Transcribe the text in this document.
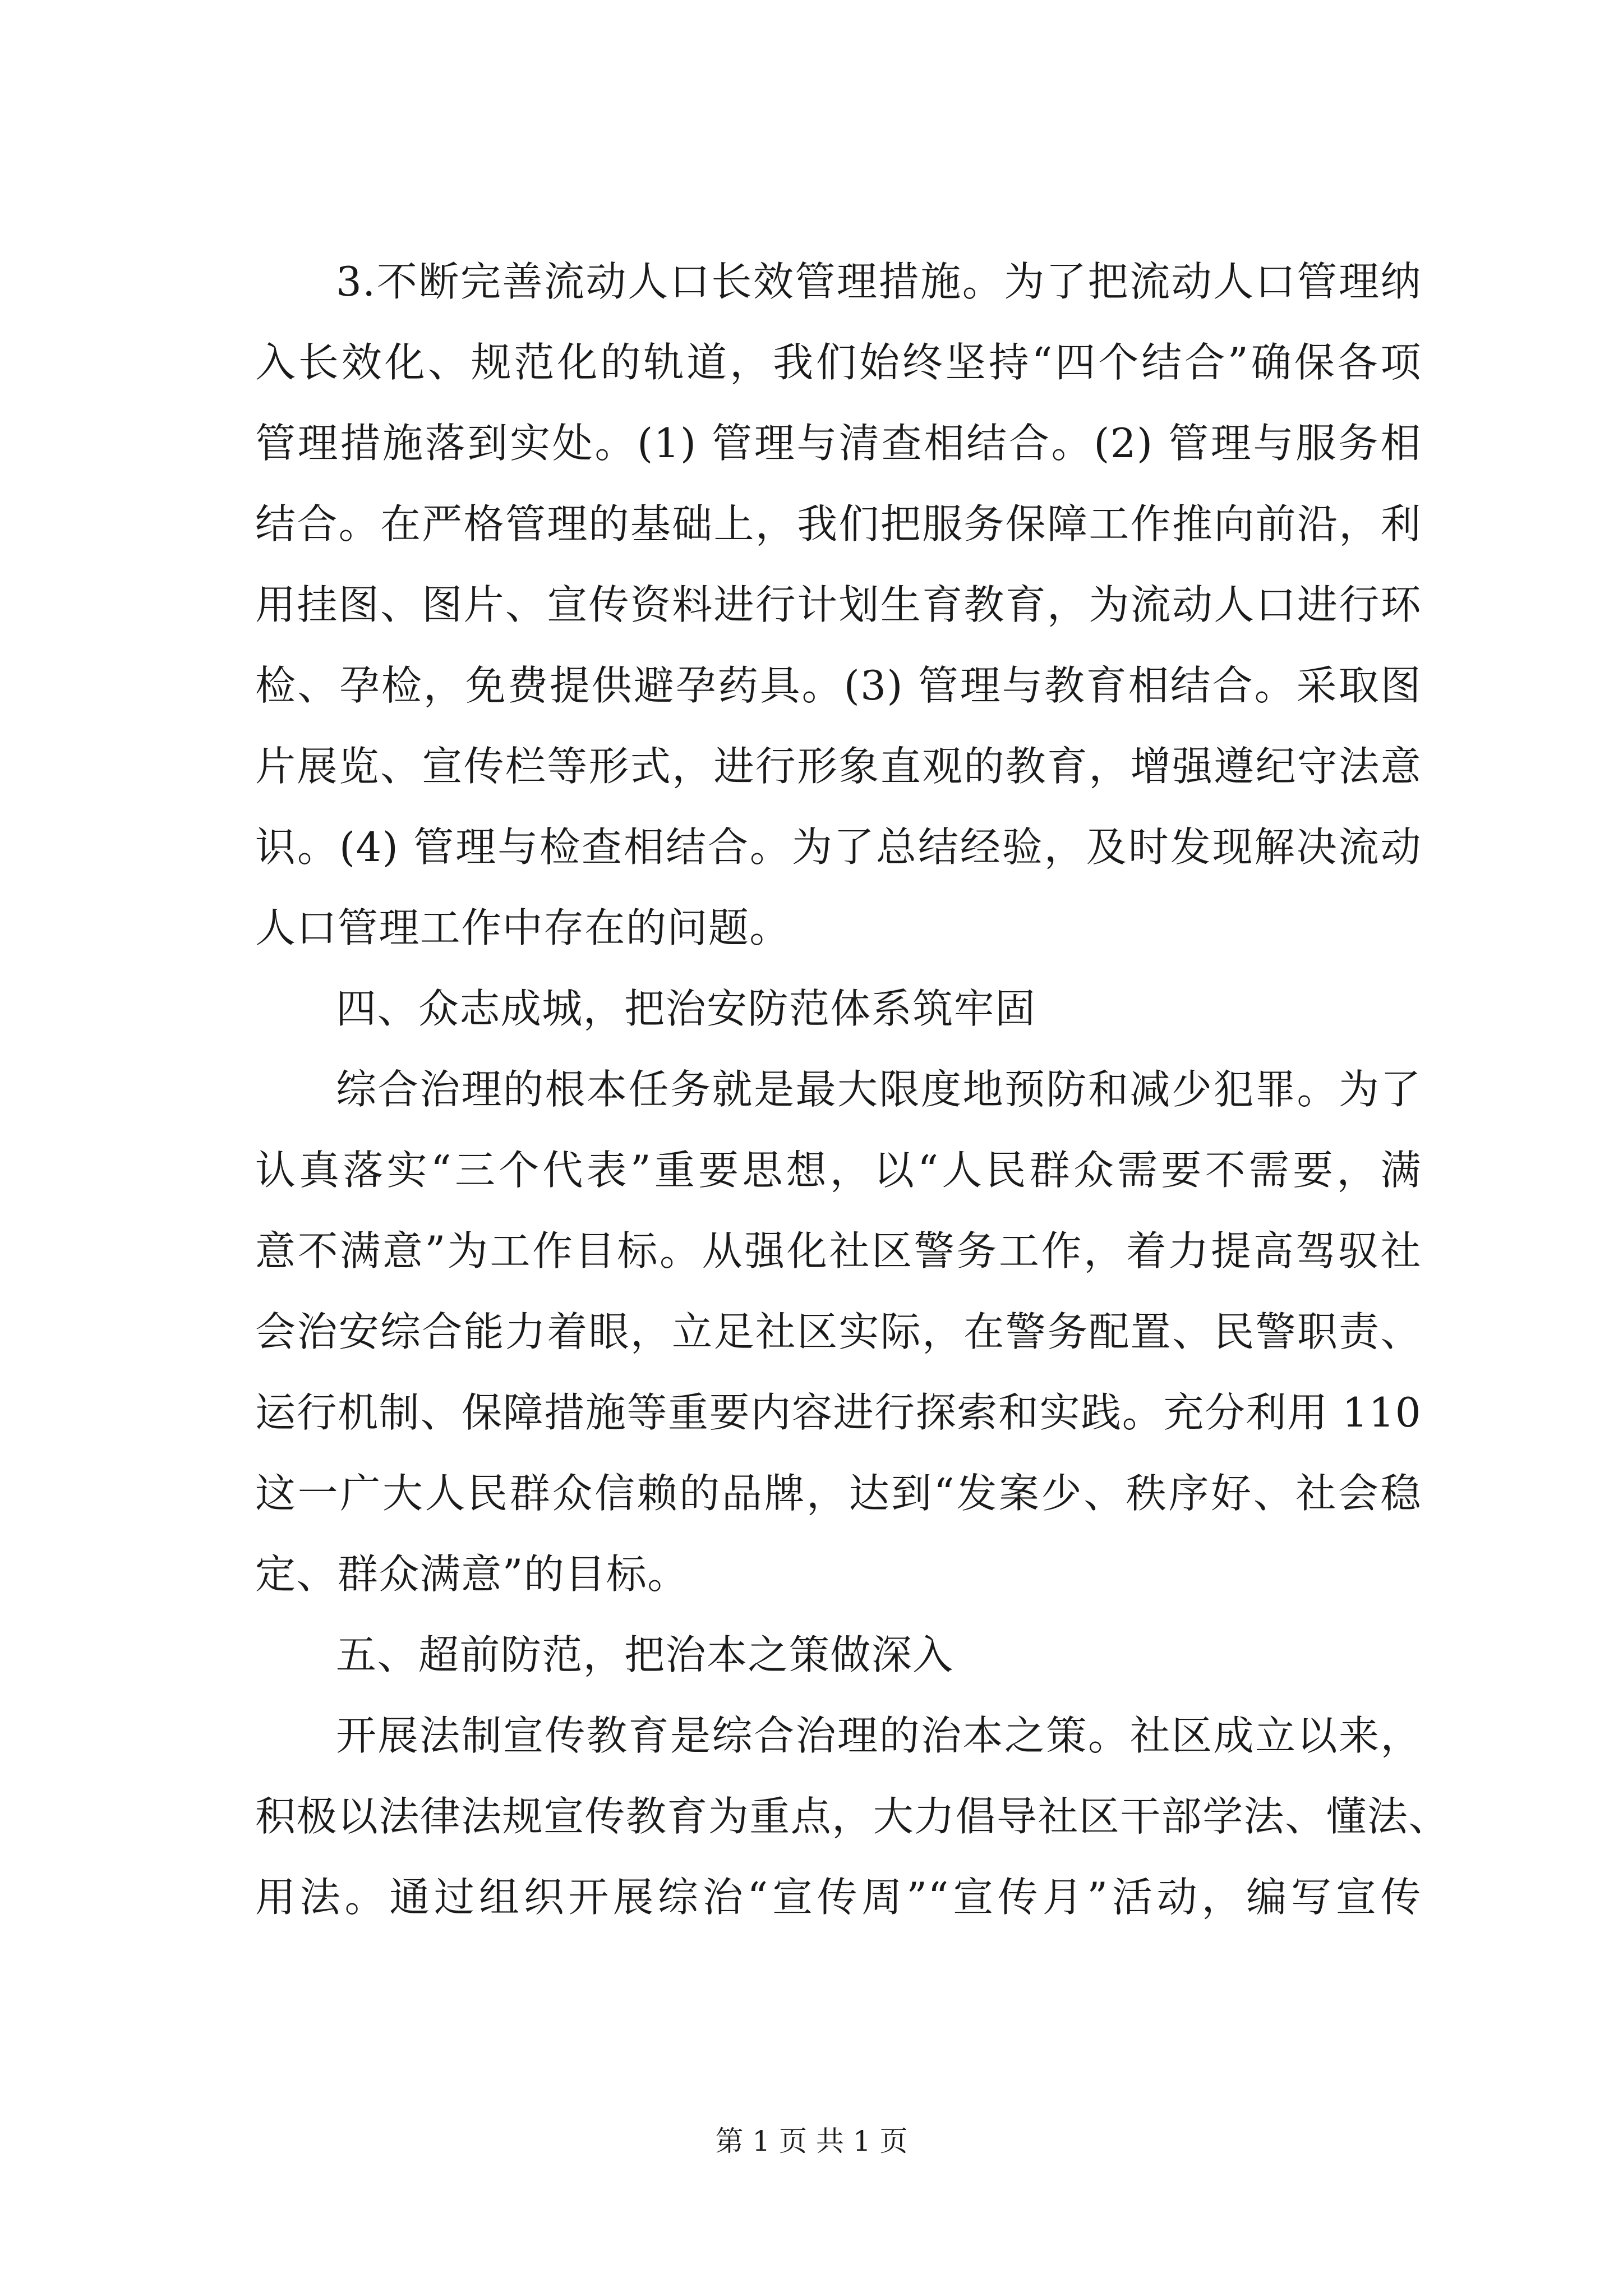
3.不断完善流动人口长效管理措施。为了把流动人口管理纳
入长效化、规范化的轨道，我们始终坚持“四个结合”确保各项
管理措施落到实处。(1) 管理与清查相结合。(2) 管理与服务相
结合。在严格管理的基础上，我们把服务保障工作推向前沿，利
用挂图、图片、宣传资料进行计划生育教育，为流动人口进行环
检、孕检，免费提供避孕药具。(3) 管理与教育相结合。采取图
片展览、宣传栏等形式，进行形象直观的教育，增强遵纪守法意
识。(4) 管理与检查相结合。为了总结经验，及时发现解决流动
人口管理工作中存在的问题。
四、众志成城，把治安防范体系筑牢固
综合治理的根本任务就是最大限度地预防和减少犯罪。为了
认真落实“三个代表”重要思想，以“人民群众需要不需要，满
意不满意”为工作目标。从强化社区警务工作，着力提高驾驭社
会治安综合能力着眼，立足社区实际，在警务配置、民警职责、
运行机制、保障措施等重要内容进行探索和实践。充分利用 110
这一广大人民群众信赖的品牌，达到“发案少、秩序好、社会稳
定、群众满意”的目标。
五、超前防范，把治本之策做深入
开展法制宣传教育是综合治理的治本之策。社区成立以来，
积极以法律法规宣传教育为重点，大力倡导社区干部学法、懂法、
用法。通过组织开展综治“宣传周”“宣传月”活动，编写宣传
第 1 页 共 1 页
